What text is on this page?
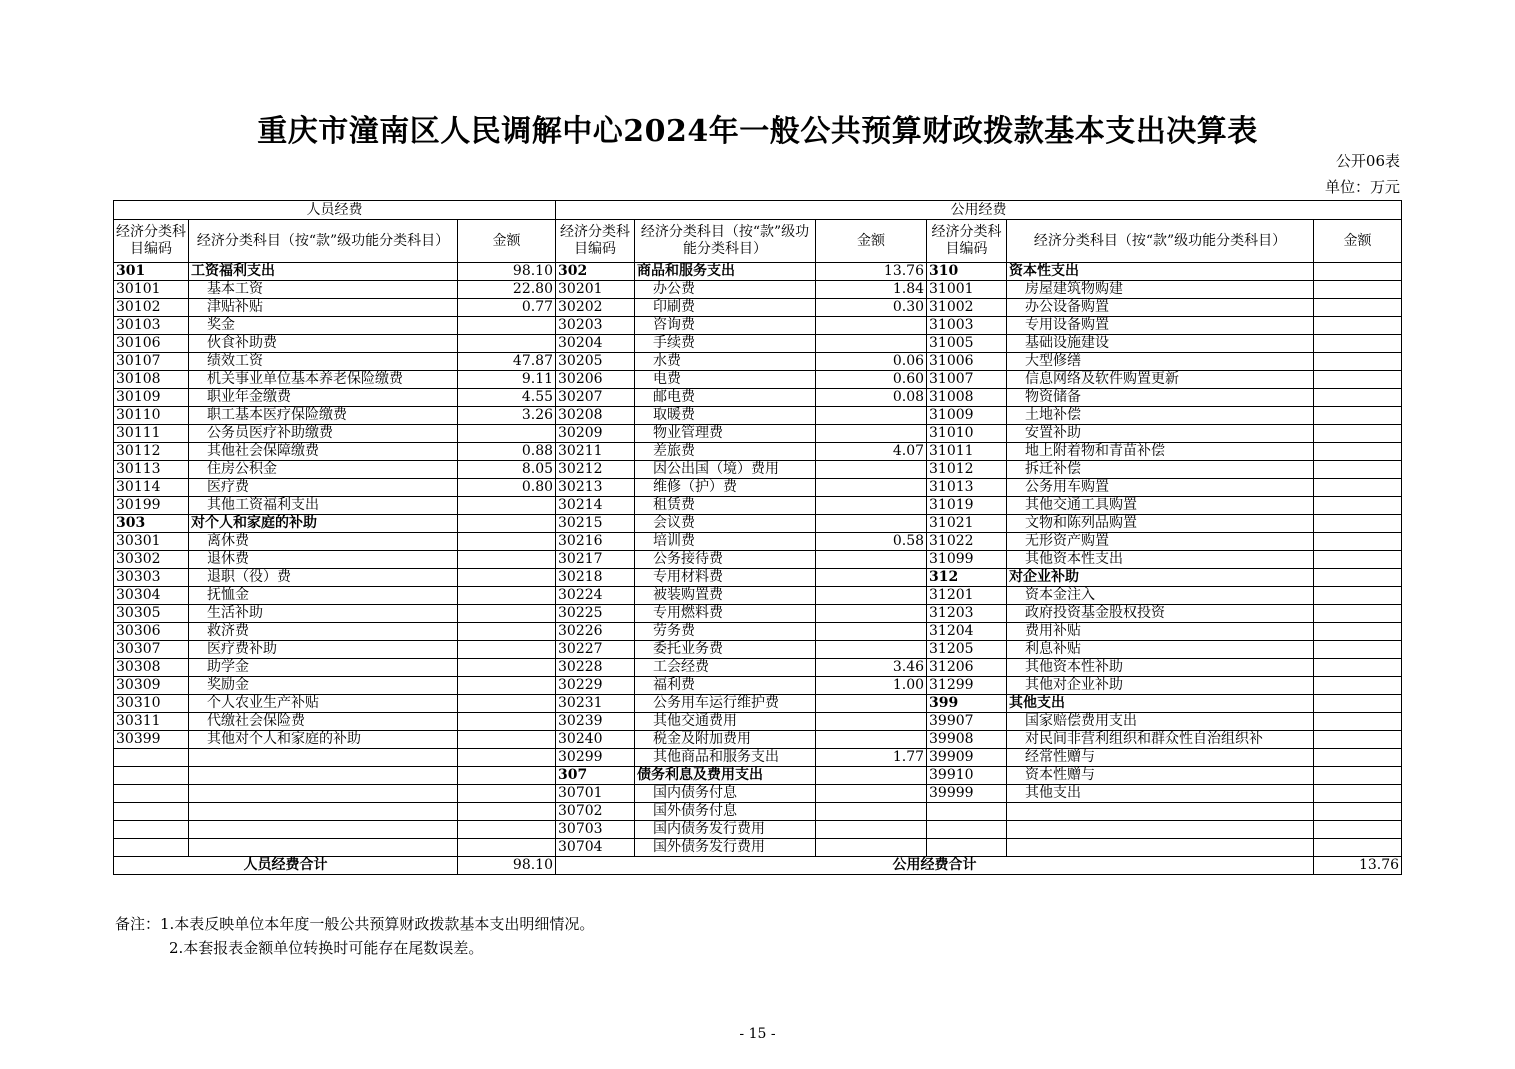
重庆市潼南区人民调解中心2024年一般公共预算财政拨款基本支出决算表
公开06表
单位：万元
人员经费			公用经费					
经济分类科目编码	经济分类科目（按“款”级功能分类科目）	金额	经济分类科目编码	经济分类科目（按“款”级功能分类科目）	金额	经济分类科目编码	经济分类科目（按“款”级功能分类科目）	金额
301	工资福利支出	98.10	302	商品和服务支出	13.76	310	资本性支出	
30101	基本工资	22.80	30201	办公费	1.84	31001	房屋建筑物购建	
30102	津贴补贴	0.77	30202	印刷费	0.30	31002	办公设备购置	
30103	奖金		30203	咨询费		31003	专用设备购置	
30106	伙食补助费		30204	手续费		31005	基础设施建设	
30107	绩效工资	47.87	30205	水费	0.06	31006	大型修缮	
30108	机关事业单位基本养老保险缴费	9.11	30206	电费	0.60	31007	信息网络及软件购置更新	
30109	职业年金缴费	4.55	30207	邮电费	0.08	31008	物资储备	
30110	职工基本医疗保险缴费	3.26	30208	取暖费		31009	土地补偿	
30111	公务员医疗补助缴费		30209	物业管理费		31010	安置补助	
30112	其他社会保障缴费	0.88	30211	差旅费	4.07	31011	地上附着物和青苗补偿	
30113	住房公积金	8.05	30212	因公出国（境）费用		31012	拆迁补偿	
30114	医疗费	0.80	30213	维修（护）费		31013	公务用车购置	
30199	其他工资福利支出		30214	租赁费		31019	其他交通工具购置	
303	对个人和家庭的补助		30215	会议费		31021	文物和陈列品购置	
30301	离休费		30216	培训费	0.58	31022	无形资产购置	
30302	退休费		30217	公务接待费		31099	其他资本性支出	
30303	退职（役）费		30218	专用材料费		312	对企业补助	
30304	抚恤金		30224	被装购置费		31201	资本金注入	
30305	生活补助		30225	专用燃料费		31203	政府投资基金股权投资	
30306	救济费		30226	劳务费		31204	费用补贴	
30307	医疗费补助		30227	委托业务费		31205	利息补贴	
30308	助学金		30228	工会经费	3.46	31206	其他资本性补助	
30309	奖励金		30229	福利费	1.00	31299	其他对企业补助	
30310	个人农业生产补贴		30231	公务用车运行维护费		399	其他支出	
30311	代缴社会保险费		30239	其他交通费用		39907	国家赔偿费用支出	
30399	其他对个人和家庭的补助		30240	税金及附加费用		39908	对民间非营利组织和群众性自治组织补	
			30299	其他商品和服务支出	1.77	39909	经常性赠与	
			307	债务利息及费用支出		39910	资本性赠与	
			30701	国内债务付息		39999	其他支出	
			30702	国外债务付息				
			30703	国内债务发行费用				
			30704	国外债务发行费用				
人员经费合计		98.10	公用经费合计					13.76
备注：1.本表反映单位本年度一般公共预算财政拨款基本支出明细情况。
2.本套报表金额单位转换时可能存在尾数误差。
- 15 -
